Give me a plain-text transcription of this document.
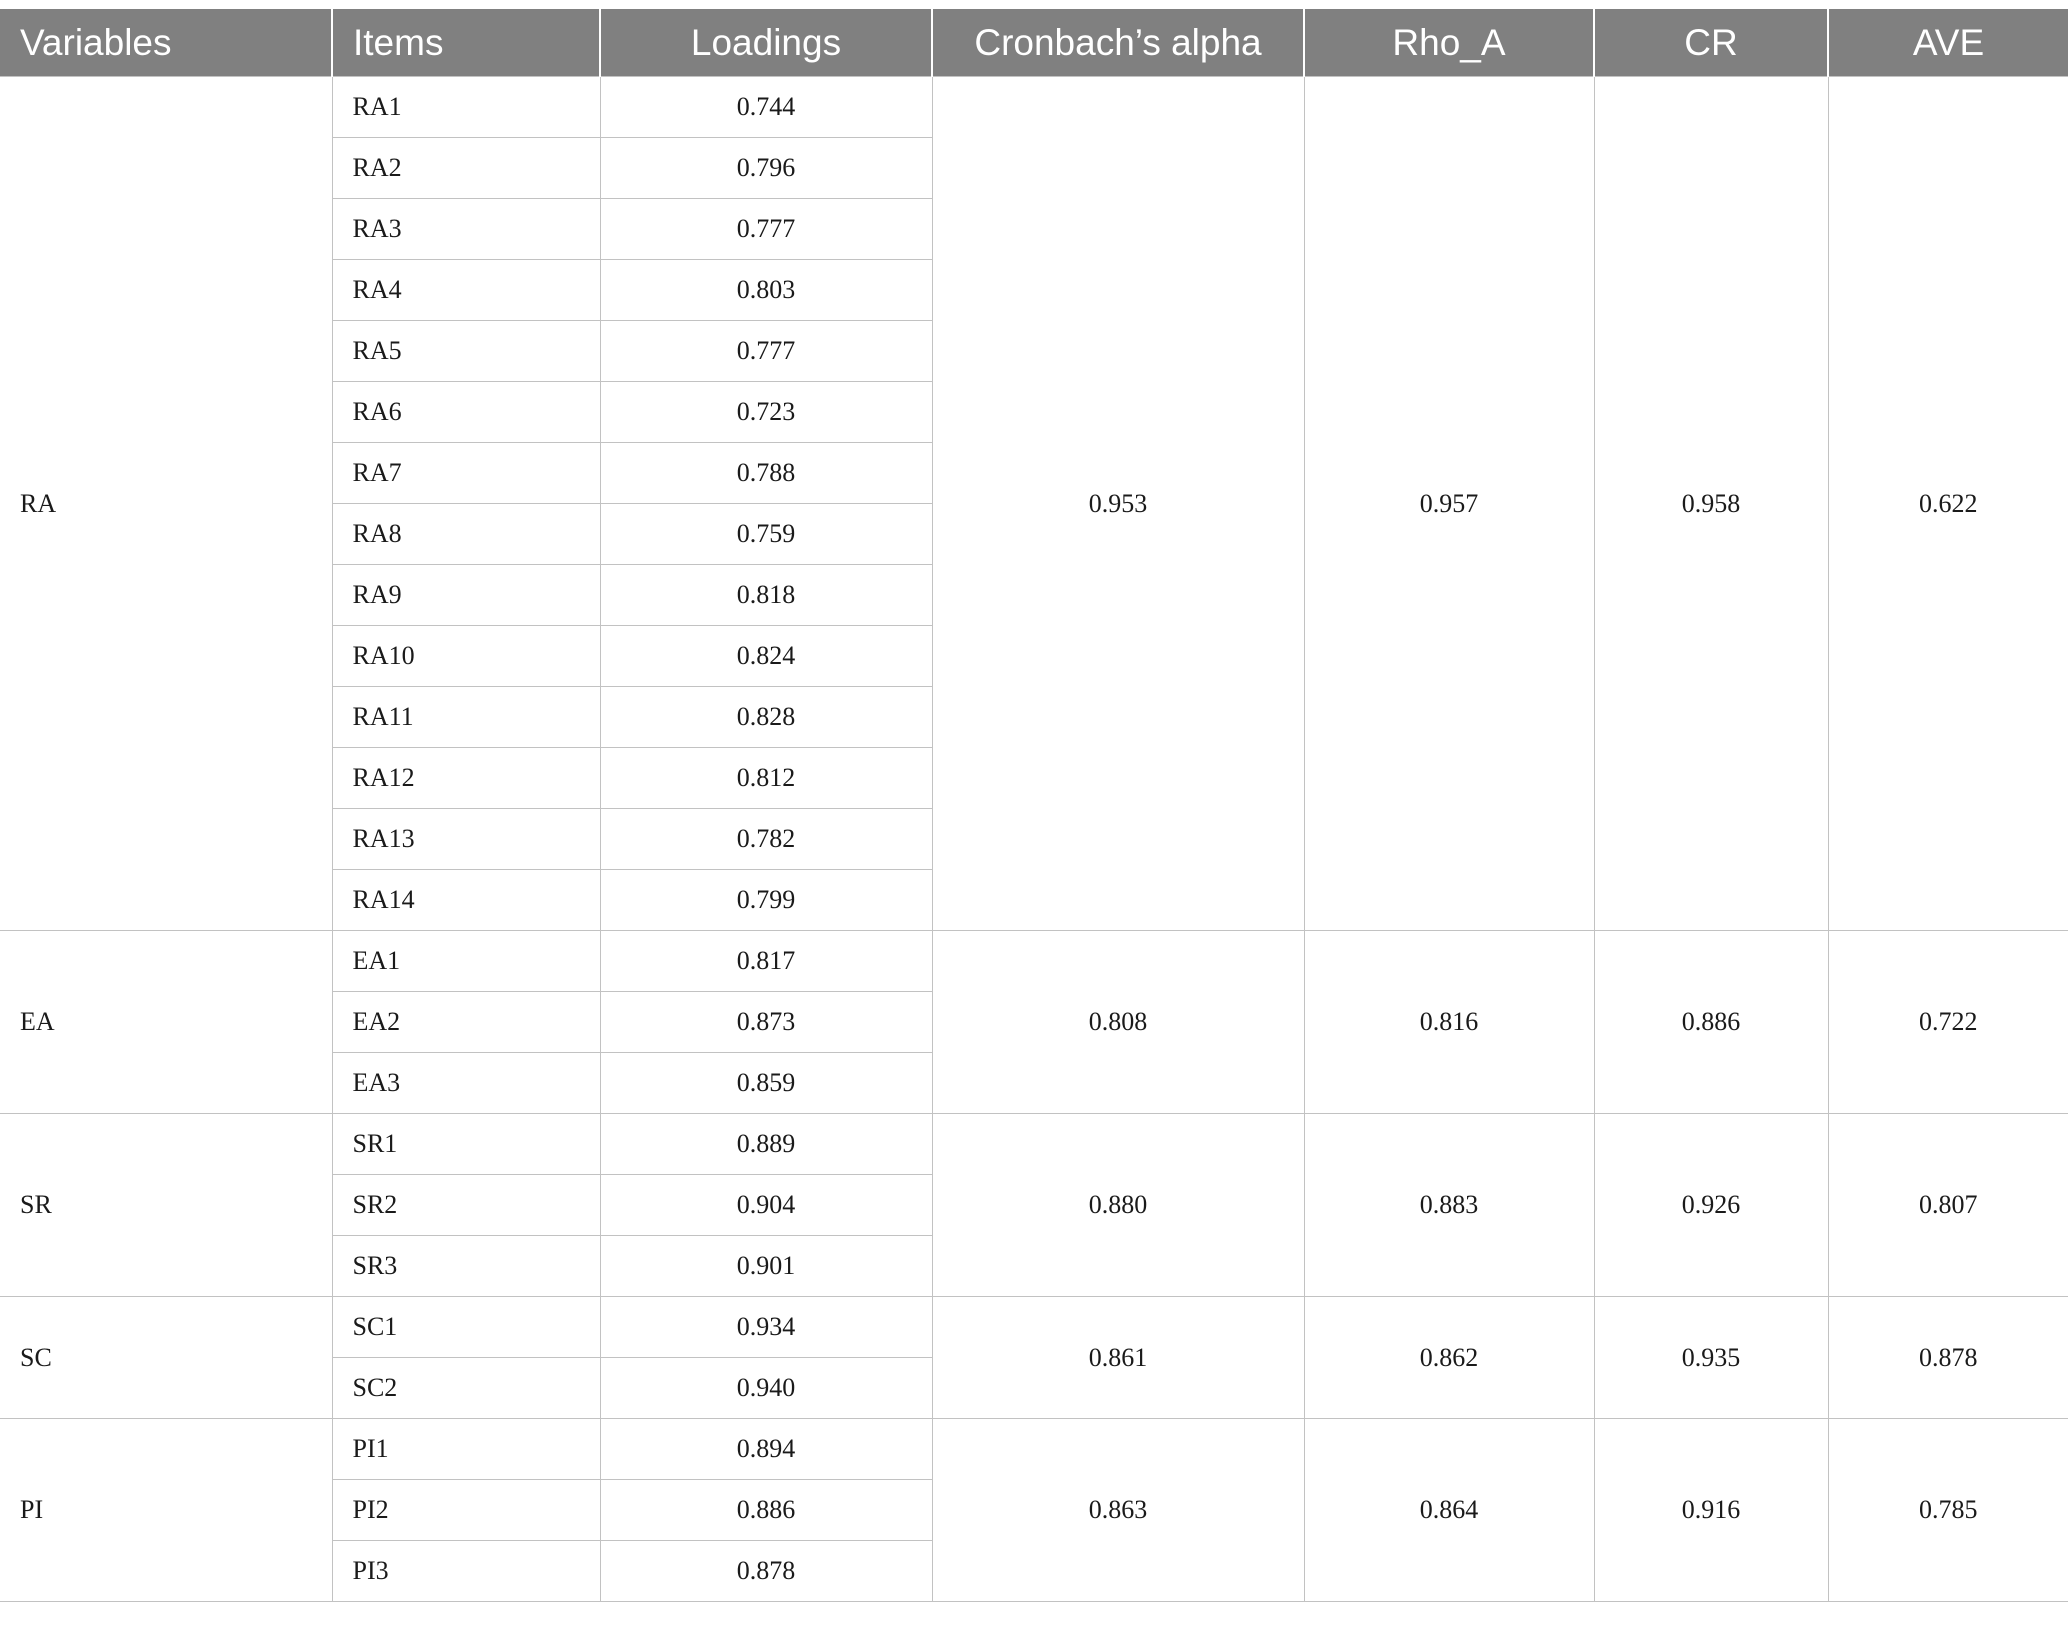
Variables	Items	Loadings	Cronbach’s alpha	Rho_A	CR	AVE
RA	RA1	0.744	0.953	0.957	0.958	0.622
	RA2	0.796				
	RA3	0.777				
	RA4	0.803				
	RA5	0.777				
	RA6	0.723				
	RA7	0.788				
	RA8	0.759				
	RA9	0.818				
	RA10	0.824				
	RA11	0.828				
	RA12	0.812				
	RA13	0.782				
	RA14	0.799				
EA	EA1	0.817	0.808	0.816	0.886	0.722
	EA2	0.873				
	EA3	0.859				
SR	SR1	0.889	0.880	0.883	0.926	0.807
	SR2	0.904				
	SR3	0.901				
SC	SC1	0.934	0.861	0.862	0.935	0.878
	SC2	0.940				
PI	PI1	0.894	0.863	0.864	0.916	0.785
	PI2	0.886				
	PI3	0.878				
